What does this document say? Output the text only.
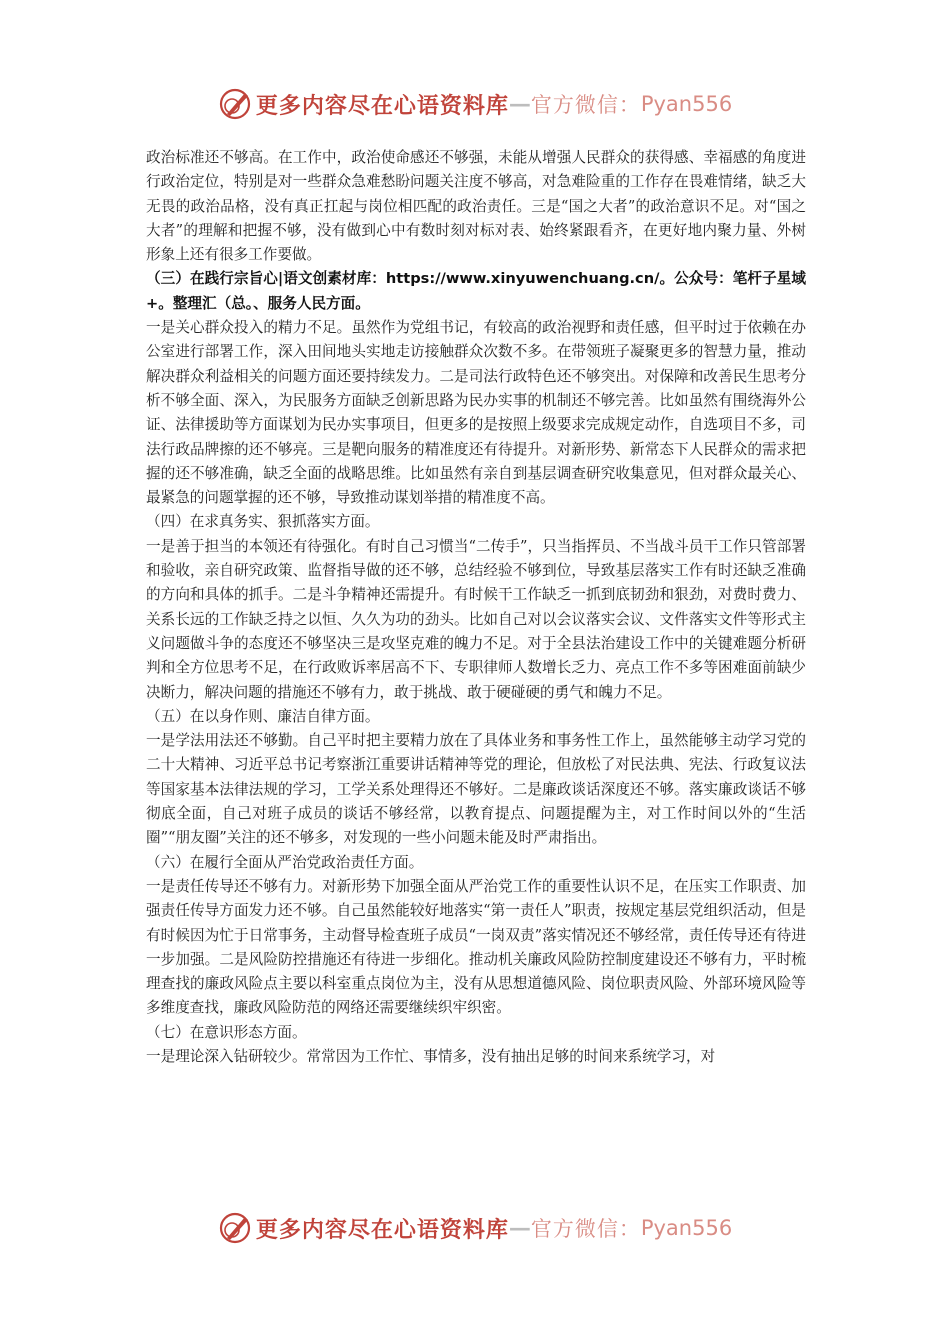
更多内容尽在心语资料库 — 官方微信： Pyan556

政治标准还不够高。在工作中，政治使命感还不够强，未能从增强人民群众的获得感、幸福感的角度进行政治定位，特别是对一些群众急难愁盼问题关注度不够高，对急难险重的工作存在畏难情绪，缺乏大无畏的政治品格，没有真正扛起与岗位相匹配的政治责任。三是“国之大者”的政治意识不足。对“国之大者”的理解和把握不够，没有做到心中有数时刻对标对表、始终紧跟看齐，在更好地内聚力量、外树形象上还有很多工作要做。

（三）在践行宗旨心|语文创素材库：https://www.xinyuwenchuang.cn/。公众号：笔杆子星域+。整理汇（总。、服务人民方面。

一是关心群众投入的精力不足。虽然作为党组书记，有较高的政治视野和责任感，但平时过于依赖在办公室进行部署工作，深入田间地头实地走访接触群众次数不多。在带领班子凝聚更多的智慧力量，推动解决群众利益相关的问题方面还要持续发力。二是司法行政特色还不够突出。对保障和改善民生思考分析不够全面、深入，为民服务方面缺乏创新思路为民办实事的机制还不够完善。比如虽然有围绕海外公证、法律援助等方面谋划为民办实事项目，但更多的是按照上级要求完成规定动作，自选项目不多，司法行政品牌擦的还不够亮。三是靶向服务的精准度还有待提升。对新形势、新常态下人民群众的需求把握的还不够准确，缺乏全面的战略思维。比如虽然有亲自到基层调查研究收集意见，但对群众最关心、最紧急的问题掌握的还不够，导致推动谋划举措的精准度不高。

（四）在求真务实、狠抓落实方面。

一是善于担当的本领还有待强化。有时自己习惯当“二传手”，只当指挥员、不当战斗员干工作只管部署和验收，亲自研究政策、监督指导做的还不够，总结经验不够到位，导致基层落实工作有时还缺乏准确的方向和具体的抓手。二是斗争精神还需提升。有时候干工作缺乏一抓到底韧劲和狠劲，对费时费力、关系长远的工作缺乏持之以恒、久久为功的劲头。比如自己对以会议落实会议、文件落实文件等形式主义问题做斗争的态度还不够坚决三是攻坚克难的魄力不足。对于全县法治建设工作中的关键难题分析研判和全方位思考不足，在行政败诉率居高不下、专职律师人数增长乏力、亮点工作不多等困难面前缺少决断力，解决问题的措施还不够有力，敢于挑战、敢于硬碰硬的勇气和魄力不足。

（五）在以身作则、廉洁自律方面。

一是学法用法还不够勤。自己平时把主要精力放在了具体业务和事务性工作上，虽然能够主动学习党的二十大精神、习近平总书记考察浙江重要讲话精神等党的理论，但放松了对民法典、宪法、行政复议法等国家基本法律法规的学习，工学关系处理得还不够好。二是廉政谈话深度还不够。落实廉政谈话不够彻底全面，自己对班子成员的谈话不够经常，以教育提点、问题提醒为主，对工作时间以外的“生活圈”“朋友圈”关注的还不够多，对发现的一些小问题未能及时严肃指出。

（六）在履行全面从严治党政治责任方面。

一是责任传导还不够有力。对新形势下加强全面从严治党工作的重要性认识不足，在压实工作职责、加强责任传导方面发力还不够。自己虽然能较好地落实“第一责任人”职责，按规定基层党组织活动，但是有时候因为忙于日常事务，主动督导检查班子成员“一岗双责”落实情况还不够经常，责任传导还有待进一步加强。二是风险防控措施还有待进一步细化。推动机关廉政风险防控制度建设还不够有力，平时梳理查找的廉政风险点主要以科室重点岗位为主，没有从思想道德风险、岗位职责风险、外部环境风险等多维度查找，廉政风险防范的网络还需要继续织牢织密。

（七）在意识形态方面。

一是理论深入钻研较少。常常因为工作忙、事情多，没有抽出足够的时间来系统学习，对

更多内容尽在心语资料库 — 官方微信： Pyan556
